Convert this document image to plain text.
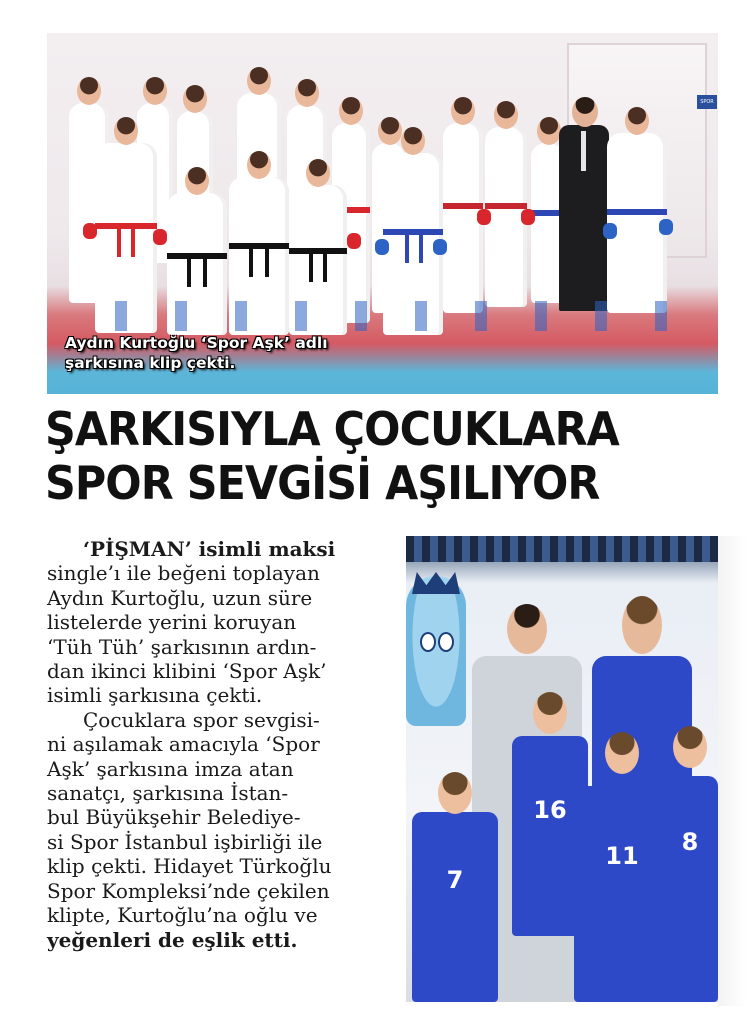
SPOR
Aydın Kurtoğlu ‘Spor Aşk’ adlı
şarkısına klip çekti.
ŞARKISIYLA ÇOCUKLARA
SPOR SEVGİSİ AŞILIYOR
‘PİŞMAN’ isimli maksi
single’ı ile beğeni toplayan
Aydın Kurtoğlu, uzun süre
listelerde yerini koruyan
‘Tüh Tüh’ şarkısının ardın-
dan ikinci klibini ‘Spor Aşk’
isimli şarkısına çekti.
Çocuklara spor sevgisi-
ni aşılamak amacıyla ‘Spor
Aşk’ şarkısına imza atan
sanatçı, şarkısına İstan-
bul Büyükşehir Belediye-
si Spor İstanbul işbirliği ile
klip çekti. Hidayet Türkoğlu
Spor Kompleksi’nde çekilen
klipte, Kurtoğlu’na oğlu ve
yeğenleri de eşlik etti.
7
16
11	8
